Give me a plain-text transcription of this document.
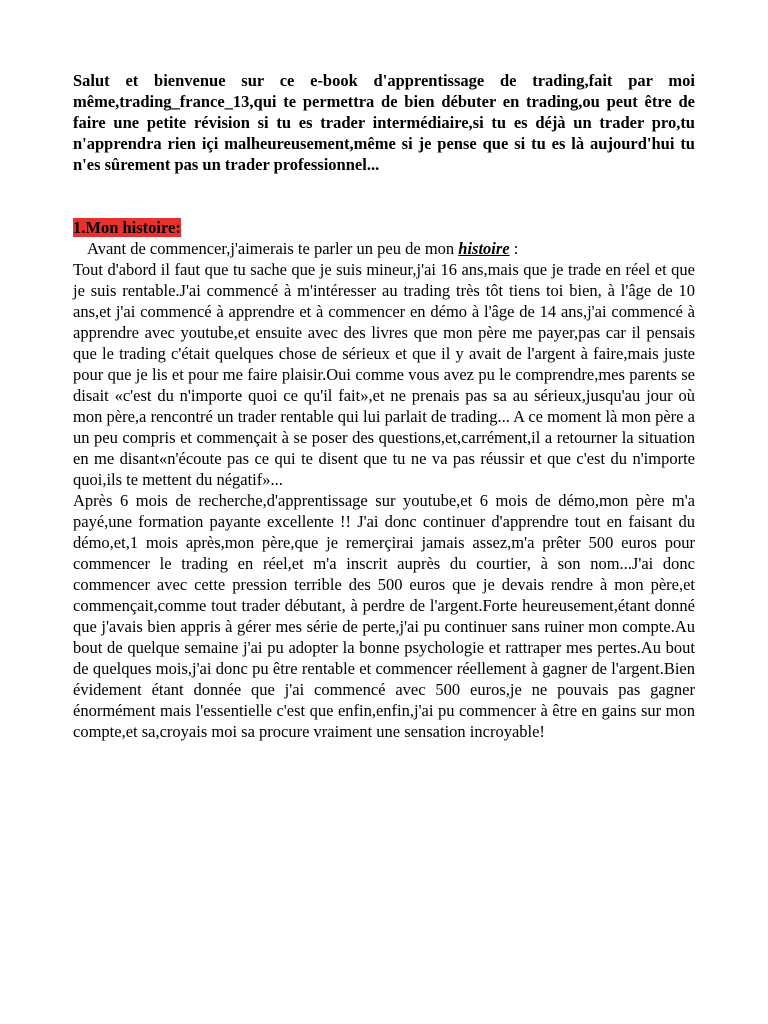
Salut et bienvenue sur ce e-book d'apprentissage de trading,fait par moi même,trading_france_13,qui te permettra de bien débuter en trading,ou peut être de faire une petite révision si tu es trader intermédiaire,si tu es déjà un trader pro,tu n'apprendra rien içi malheureusement,même si je pense que si tu es là aujourd'hui tu n'es sûrement pas un trader professionnel...

1.Mon histoire:

Avant de commencer,j'aimerais te parler un peu de mon histoire :

Tout d'abord il faut que tu sache que je suis mineur,j'ai 16 ans,mais que je trade en réel et que je suis rentable.J'ai commencé à m'intéresser au trading très tôt tiens toi bien, à l'âge de 10 ans,et j'ai commencé à apprendre et à commencer en démo à l'âge de 14 ans,j'ai commencé à apprendre avec youtube,et ensuite avec des livres que mon père me payer,pas car il pensais que le trading c'était quelques chose de sérieux et que il y avait de l'argent à faire,mais juste pour que je lis et pour me faire plaisir.Oui comme vous avez pu le comprendre,mes parents se disait «c'est du n'importe quoi ce qu'il fait»,et ne prenais pas sa au sérieux,jusqu'au jour où mon père,a rencontré un trader rentable qui lui parlait de trading... A ce moment là mon père a un peu compris et commençait à se poser des questions,et,carrément,il a retourner la situation en me disant«n'écoute pas ce qui te disent que tu ne va pas réussir et que c'est du n'importe quoi,ils te mettent du négatif»...

Après 6 mois de recherche,d'apprentissage sur youtube,et 6 mois de démo,mon père m'a payé,une formation payante excellente !! J'ai donc continuer d'apprendre tout en faisant du démo,et,1 mois après,mon père,que je remerçirai jamais assez,m'a prêter 500 euros pour commencer le trading en réel,et m'a inscrit auprès du courtier, à son nom...J'ai donc commencer avec cette pression terrible des 500 euros que je devais rendre à mon père,et commençait,comme tout trader débutant, à perdre de l'argent.Forte heureusement,étant donné que j'avais bien appris à gérer mes série de perte,j'ai pu continuer sans ruiner mon compte.Au bout de quelque semaine j'ai pu adopter la bonne psychologie et rattraper mes pertes.Au bout de quelques mois,j'ai donc pu être rentable et commencer réellement à gagner de l'argent.Bien évidement étant donnée que j'ai commencé avec 500 euros,je ne pouvais pas gagner énormément mais l'essentielle c'est que enfin,enfin,j'ai pu commencer à être en gains sur mon compte,et sa,croyais moi sa procure vraiment une sensation incroyable!
